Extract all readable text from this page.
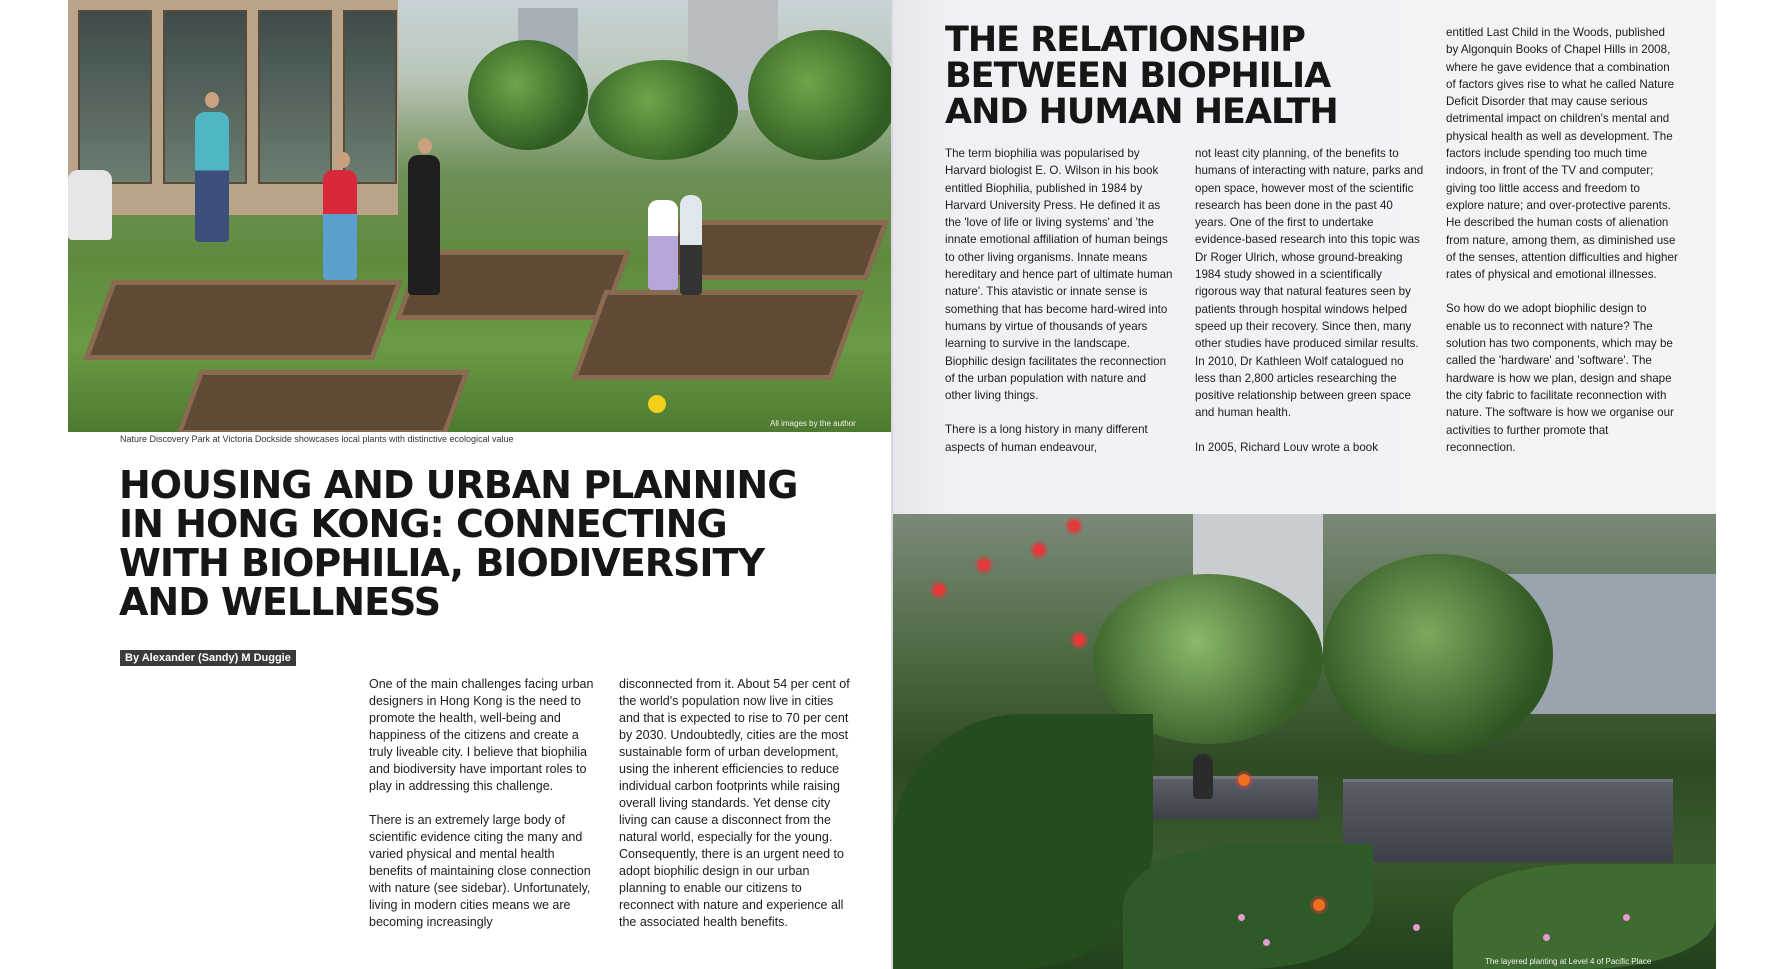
All images by the author
Nature Discovery Park at Victoria Dockside showcases local plants with distinctive ecological value
HOUSING AND URBAN PLANNING IN HONG KONG: CONNECTING WITH BIOPHILIA, BIODIVERSITY AND WELLNESS
By Alexander (Sandy) M Duggie

One of the main challenges facing urban designers in Hong Kong is the need to promote the health, well-being and happiness of the citizens and create a truly liveable city. I believe that biophilia and biodiversity have important roles to play in addressing this challenge.

There is an extremely large body of scientific evidence citing the many and varied physical and mental health benefits of maintaining close connection with nature (see sidebar). Unfortunately, living in modern cities means we are becoming increasingly

disconnected from it. About 54 per cent of the world's population now live in cities and that is expected to rise to 70 per cent by 2030. Undoubtedly, cities are the most sustainable form of urban development, using the inherent efficiencies to reduce individual carbon footprints while raising overall living standards. Yet dense city living can cause a disconnect from the natural world, especially for the young. Consequently, there is an urgent need to adopt biophilic design in our urban planning to enable our citizens to reconnect with nature and experience all the associated health benefits.

THE RELATIONSHIP BETWEEN BIOPHILIA AND HUMAN HEALTH

The term biophilia was popularised by Harvard biologist E. O. Wilson in his book entitled Biophilia, published in 1984 by Harvard University Press. He defined it as the 'love of life or living systems' and 'the innate emotional affiliation of human beings to other living organisms. Innate means hereditary and hence part of ultimate human nature'. This atavistic or innate sense is something that has become hard-wired into humans by virtue of thousands of years learning to survive in the landscape. Biophilic design facilitates the reconnection of the urban population with nature and other living things.

There is a long history in many different aspects of human endeavour,

not least city planning, of the benefits to humans of interacting with nature, parks and open space, however most of the scientific research has been done in the past 40 years. One of the first to undertake evidence-based research into this topic was Dr Roger Ulrich, whose ground-breaking 1984 study showed in a scientifically rigorous way that natural features seen by patients through hospital windows helped speed up their recovery. Since then, many other studies have produced similar results. In 2010, Dr Kathleen Wolf catalogued no less than 2,800 articles researching the positive relationship between green space and human health.

In 2005, Richard Louv wrote a book

entitled Last Child in the Woods, published by Algonquin Books of Chapel Hills in 2008, where he gave evidence that a combination of factors gives rise to what he called Nature Deficit Disorder that may cause serious detrimental impact on children's mental and physical health as well as development. The factors include spending too much time indoors, in front of the TV and computer; giving too little access and freedom to explore nature; and over-protective parents. He described the human costs of alienation from nature, among them, as diminished use of the senses, attention difficulties and higher rates of physical and emotional illnesses.

So how do we adopt biophilic design to enable us to reconnect with nature? The solution has two components, which may be called the 'hardware' and 'software'. The hardware is how we plan, design and shape the city fabric to facilitate reconnection with nature. The software is how we organise our activities to further promote that reconnection.

The layered planting at Level 4 of Pacific Place
